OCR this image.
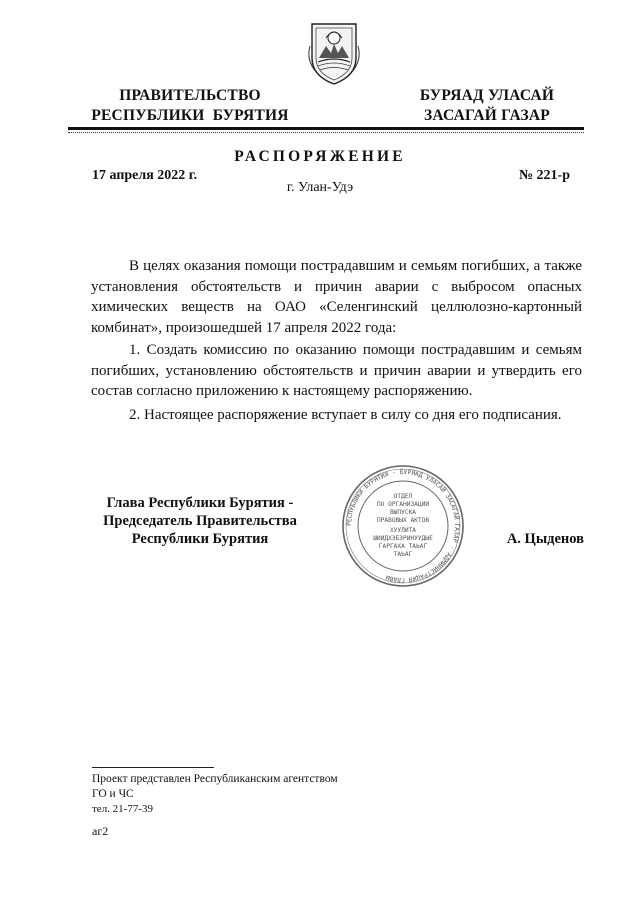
ПРАВИТЕЛЬСТВО
РЕСПУБЛИКИ  БУРЯТИЯ
БУРЯАД УЛАСАЙ
ЗАСАГАЙ ГАЗАР
РАСПОРЯЖЕНИЕ
17 апреля 2022 г.	№ 221-р
г. Улан-Удэ
В целях оказания помощи пострадавшим и семьям погибших, а также установления обстоятельств и причин аварии с выбросом опасных химических веществ на ОАО «Селенгинский целлюлозно-картонный комбинат», произошедшей 17 апреля 2022 года:
1. Создать комиссию по оказанию помощи пострадавшим и семьям погибших, установлению обстоятельств и причин аварии и утвердить его состав согласно приложению к настоящему распоряжению.
2. Настоящее распоряжение вступает в силу со дня его подписания.
Глава Республики Бурятия -
Председатель Правительства
Республики Бурятия
РЕСПУБЛИКИ БУРЯТИЯ · БУРЯАД УЛАСАЙ ЗАСАГАЙ ГАЗАР · АДМИНИСТРАЦИЯ ГЛАВЫ
ОТДЕЛ
ПО ОРГАНИЗАЦИИ
ВЫПУСКА
ПРАВОВЫХ АКТОВ
ХУУЛИТА
ШИИДХЭБЭРИНУУДЫЕ
ГАРГАХА ТАЬАГ
ТАЬАГ
А. Цыденов
Проект представлен Республиканским агентством
ГО и ЧС
тел. 21-77-39
аг2
